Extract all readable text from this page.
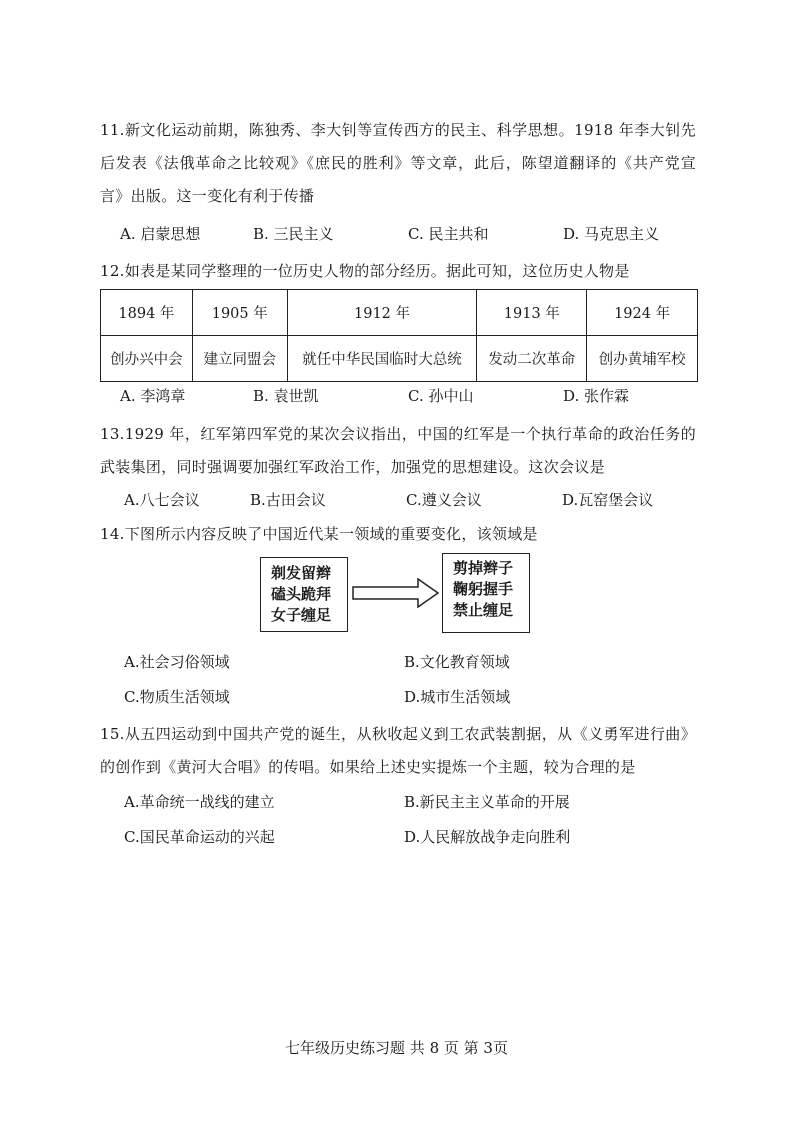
11.新文化运动前期，陈独秀、李大钊等宣传西方的民主、科学思想。1918 年李大钊先后发表《法俄革命之比较观》《庶民的胜利》等文章，此后，陈望道翻译的《共产党宣言》出版。这一变化有利于传播

A. 启蒙思想	B. 三民主义	C. 民主共和	D. 马克思主义

12.如表是某同学整理的一位历史人物的部分经历。据此可知，这位历史人物是

1894 年	1905 年	1912 年	1913 年	1924 年
创办兴中会	建立同盟会	就任中华民国临时大总统	发动二次革命	创办黄埔军校
A. 李鸿章	B. 袁世凯	C. 孙中山	D. 张作霖

13.1929 年，红军第四军党的某次会议指出，中国的红军是一个执行革命的政治任务的武装集团，同时强调要加强红军政治工作，加强党的思想建设。这次会议是

A.八七会议	B.古田会议	C.遵义会议	D.瓦窑堡会议

14.下图所示内容反映了中国近代某一领域的重要变化，该领域是

剃发留辫
磕头跪拜
女子缠足
剪掉辫子
鞠躬握手
禁止缠足
A.社会习俗领域	B.文化教育领域
C.物质生活领域	D.城市生活领域

15.从五四运动到中国共产党的诞生，从秋收起义到工农武装割据，从《义勇军进行曲》的创作到《黄河大合唱》的传唱。如果给上述史实提炼一个主题，较为合理的是

A.革命统一战线的建立	B.新民主主义革命的开展
C.国民革命运动的兴起	D.人民解放战争走向胜利
七年级历史练习题 共 8 页 第 3页
